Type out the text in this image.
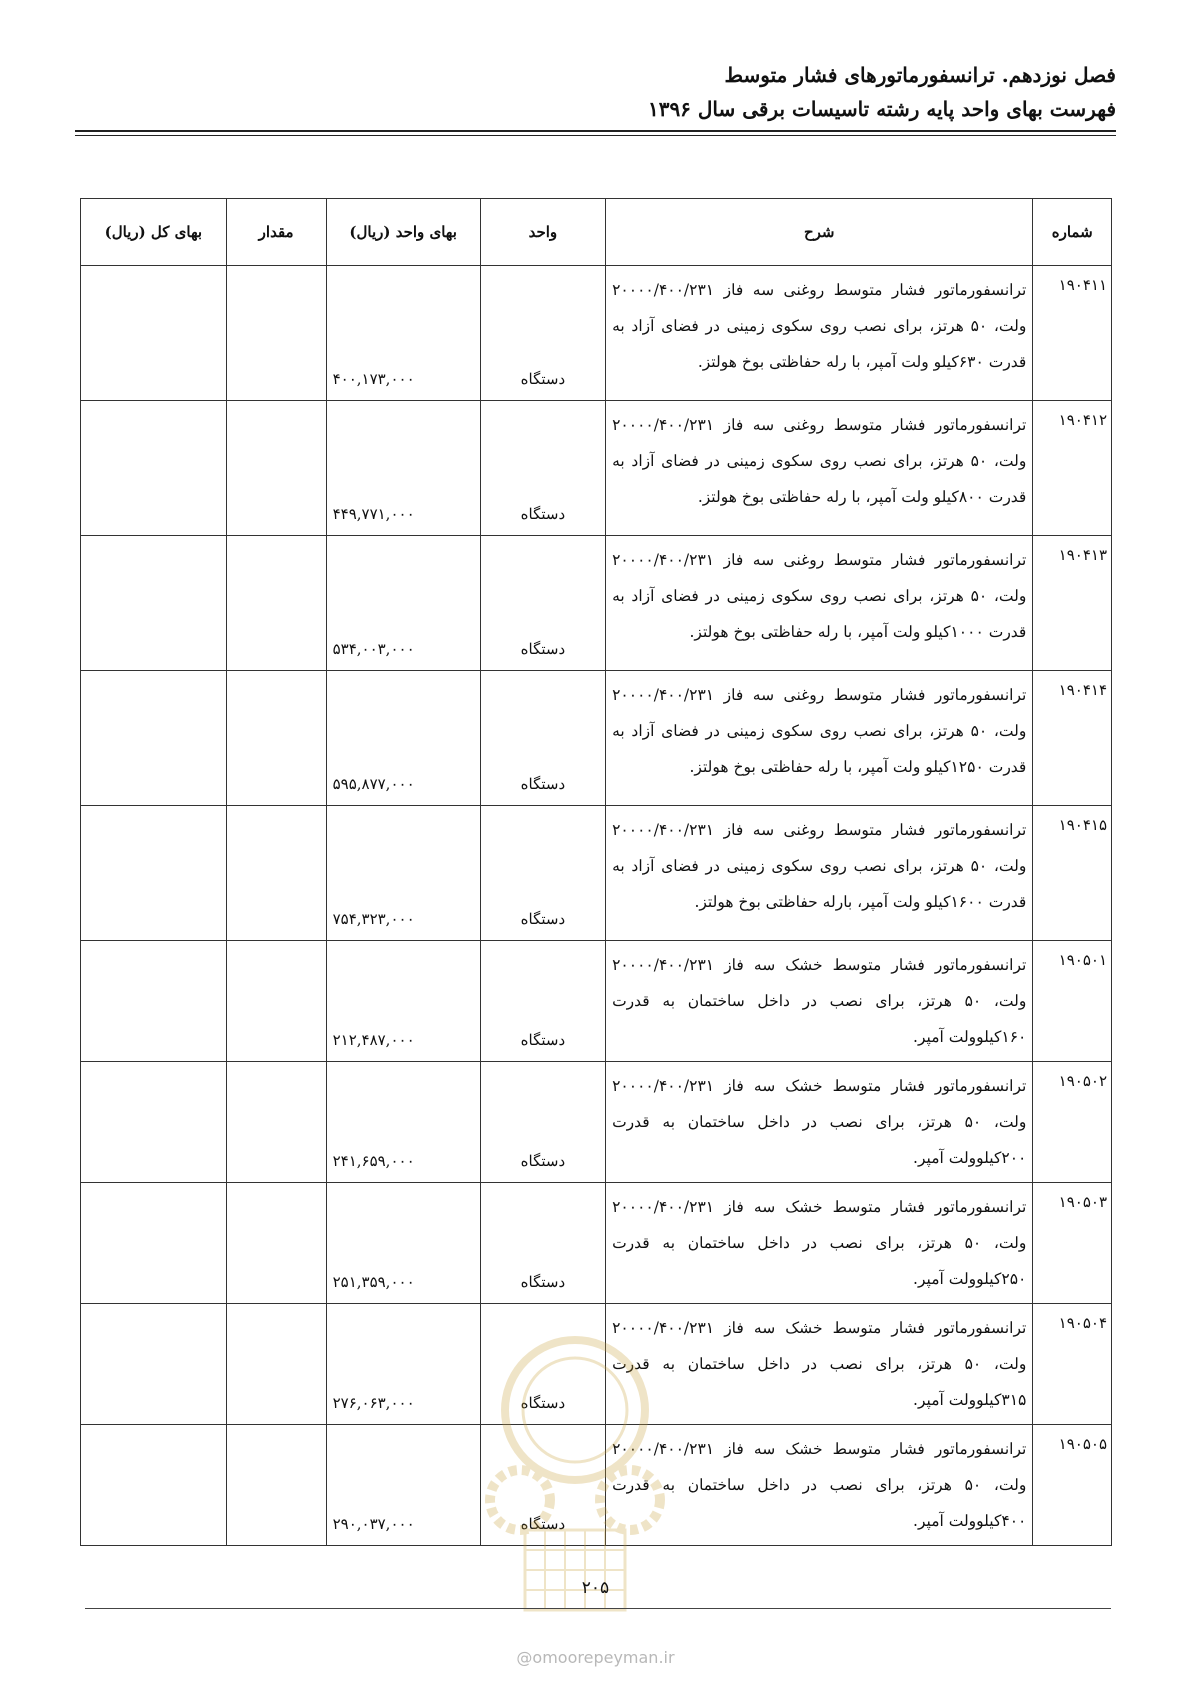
فصل نوزدهم. ترانسفورماتورهای فشار متوسط
فهرست بهای واحد پایه رشته تاسیسات برقی سال ۱۳۹۶
شماره	شرح	واحد	بهای واحد (ریال)	مقدار	بهای کل (ریال)
۱۹۰۴۱۱	ترانسفورماتور فشار متوسط روغنی سه فاز ۲۰۰۰۰/۴۰۰/۲۳۱ ولت، ۵۰ هرتز، برای نصب روی سکوی زمینی در فضای آزاد به قدرت ۶۳۰کیلو ولت آمپر، با رله حفاظتی بوخ هولتز.	دستگاه	۴۰۰,۱۷۳,۰۰۰		
۱۹۰۴۱۲	ترانسفورماتور فشار متوسط روغنی سه فاز ۲۰۰۰۰/۴۰۰/۲۳۱ ولت، ۵۰ هرتز، برای نصب روی سکوی زمینی در فضای آزاد به قدرت ۸۰۰کیلو ولت آمپر، با رله حفاظتی بوخ هولتز.	دستگاه	۴۴۹,۷۷۱,۰۰۰		
۱۹۰۴۱۳	ترانسفورماتور فشار متوسط روغنی سه فاز ۲۰۰۰۰/۴۰۰/۲۳۱ ولت، ۵۰ هرتز، برای نصب روی سکوی زمینی در فضای آزاد به قدرت ۱۰۰۰کیلو ولت آمپر، با رله حفاظتی بوخ هولتز.	دستگاه	۵۳۴,۰۰۳,۰۰۰		
۱۹۰۴۱۴	ترانسفورماتور فشار متوسط روغنی سه فاز ۲۰۰۰۰/۴۰۰/۲۳۱ ولت، ۵۰ هرتز، برای نصب روی سکوی زمینی در فضای آزاد به قدرت ۱۲۵۰کیلو ولت آمپر، با رله حفاظتی بوخ هولتز.	دستگاه	۵۹۵,۸۷۷,۰۰۰		
۱۹۰۴۱۵	ترانسفورماتور فشار متوسط روغنی سه فاز ۲۰۰۰۰/۴۰۰/۲۳۱ ولت، ۵۰ هرتز، برای نصب روی سکوی زمینی در فضای آزاد به قدرت ۱۶۰۰کیلو ولت آمپر، بارله حفاظتی بوخ هولتز.	دستگاه	۷۵۴,۳۲۳,۰۰۰		
۱۹۰۵۰۱	ترانسفورماتور فشار متوسط خشک سه فاز ۲۰۰۰۰/۴۰۰/۲۳۱ ولت، ۵۰ هرتز، برای نصب در داخل ساختمان به قدرت ۱۶۰کیلوولت آمپر.	دستگاه	۲۱۲,۴۸۷,۰۰۰		
۱۹۰۵۰۲	ترانسفورماتور فشار متوسط خشک سه فاز ۲۰۰۰۰/۴۰۰/۲۳۱ ولت، ۵۰ هرتز، برای نصب در داخل ساختمان به قدرت ۲۰۰کیلوولت آمپر.	دستگاه	۲۴۱,۶۵۹,۰۰۰		
۱۹۰۵۰۳	ترانسفورماتور فشار متوسط خشک سه فاز ۲۰۰۰۰/۴۰۰/۲۳۱ ولت، ۵۰ هرتز، برای نصب در داخل ساختمان به قدرت ۲۵۰کیلوولت آمپر.	دستگاه	۲۵۱,۳۵۹,۰۰۰		
۱۹۰۵۰۴	ترانسفورماتور فشار متوسط خشک سه فاز ۲۰۰۰۰/۴۰۰/۲۳۱ ولت، ۵۰ هرتز، برای نصب در داخل ساختمان به قدرت ۳۱۵کیلوولت آمپر.	دستگاه	۲۷۶,۰۶۳,۰۰۰		
۱۹۰۵۰۵	ترانسفورماتور فشار متوسط خشک سه فاز ۲۰۰۰۰/۴۰۰/۲۳۱ ولت، ۵۰ هرتز، برای نصب در داخل ساختمان به قدرت ۴۰۰کیلوولت آمپر.	دستگاه	۲۹۰,۰۳۷,۰۰۰		
۲۰۵
@omoorepeyman.ir
